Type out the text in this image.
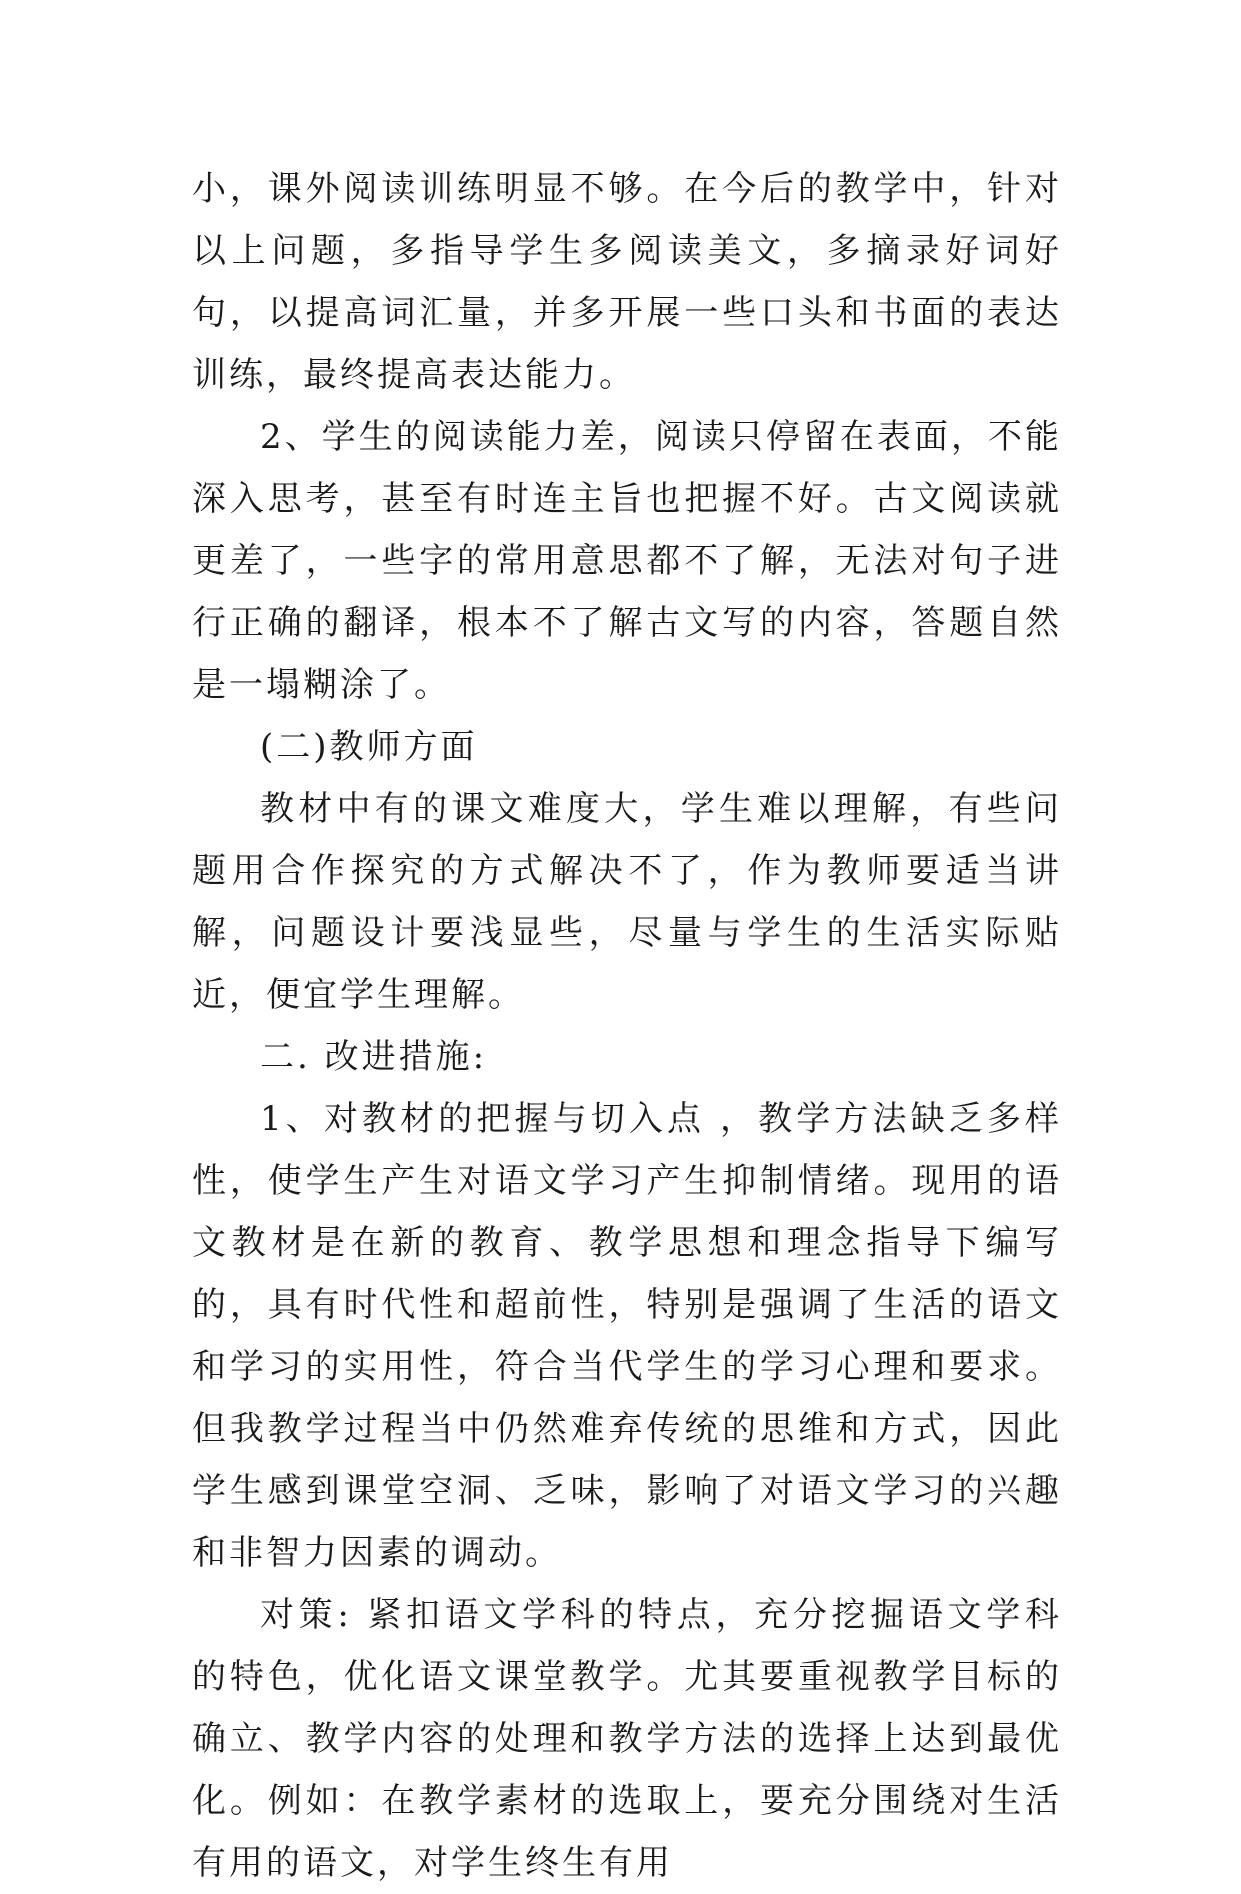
小，课外阅读训练明显不够。在今后的教学中，针对以上问题，多指导学生多阅读美文，多摘录好词好句，以提高词汇量，并多开展一些口头和书面的表达训练，最终提高表达能力。

2、学生的阅读能力差，阅读只停留在表面，不能深入思考，甚至有时连主旨也把握不好。古文阅读就更差了，一些字的常用意思都不了解，无法对句子进行正确的翻译，根本不了解古文写的内容，答题自然是一塌糊涂了。

(二)教师方面

教材中有的课文难度大，学生难以理解，有些问题用合作探究的方式解决不了，作为教师要适当讲解，问题设计要浅显些，尽量与学生的生活实际贴近，便宜学生理解。

二. 改进措施:

1、对教材的把握与切入点 ，教学方法缺乏多样性，使学生产生对语文学习产生抑制情绪。现用的语文教材是在新的教育、教学思想和理念指导下编写的，具有时代性和超前性，特别是强调了生活的语文和学习的实用性，符合当代学生的学习心理和要求。但我教学过程当中仍然难弃传统的思维和方式，因此学生感到课堂空洞、乏味，影响了对语文学习的兴趣和非智力因素的调动。

对策: 紧扣语文学科的特点，充分挖掘语文学科的特色，优化语文课堂教学。尤其要重视教学目标的确立、教学内容的处理和教学方法的选择上达到最优化。例如：在教学素材的选取上，要充分围绕对生活有用的语文，对学生终生有用
